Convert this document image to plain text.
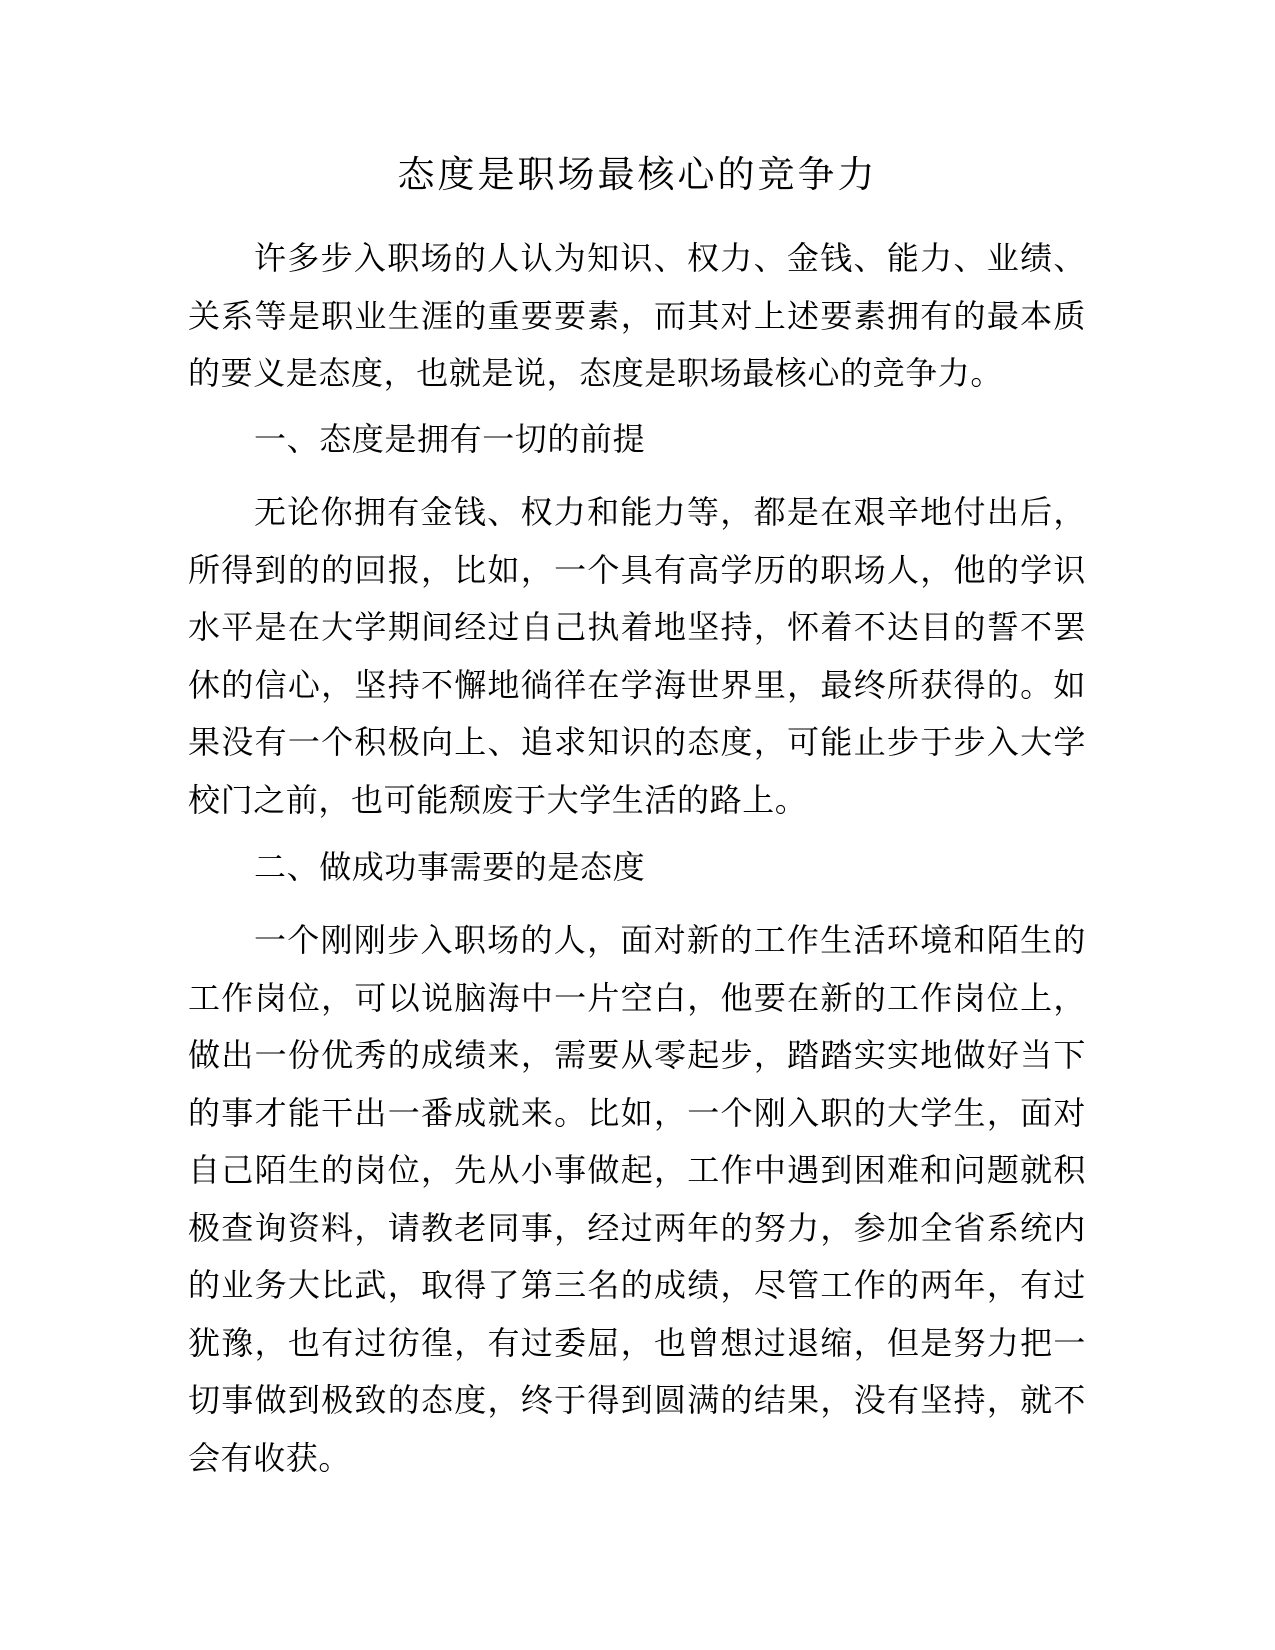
态度是职场最核心的竞争力

许多步入职场的人认为知识、权力、金钱、能力、业绩、关系等是职业生涯的重要要素，而其对上述要素拥有的最本质的要义是态度，也就是说，态度是职场最核心的竞争力。

一、态度是拥有一切的前提

无论你拥有金钱、权力和能力等，都是在艰辛地付出后，所得到的的回报，比如，一个具有高学历的职场人，他的学识水平是在大学期间经过自己执着地坚持，怀着不达目的誓不罢休的信心，坚持不懈地徜徉在学海世界里，最终所获得的。如果没有一个积极向上、追求知识的态度，可能止步于步入大学校门之前，也可能颓废于大学生活的路上。

二、做成功事需要的是态度

一个刚刚步入职场的人，面对新的工作生活环境和陌生的工作岗位，可以说脑海中一片空白，他要在新的工作岗位上，做出一份优秀的成绩来，需要从零起步，踏踏实实地做好当下的事才能干出一番成就来。比如，一个刚入职的大学生，面对自己陌生的岗位，先从小事做起，工作中遇到困难和问题就积极查询资料，请教老同事，经过两年的努力，参加全省系统内的业务大比武，取得了第三名的成绩，尽管工作的两年，有过犹豫，也有过彷徨，有过委屈，也曾想过退缩，但是努力把一切事做到极致的态度，终于得到圆满的结果，没有坚持，就不会有收获。
